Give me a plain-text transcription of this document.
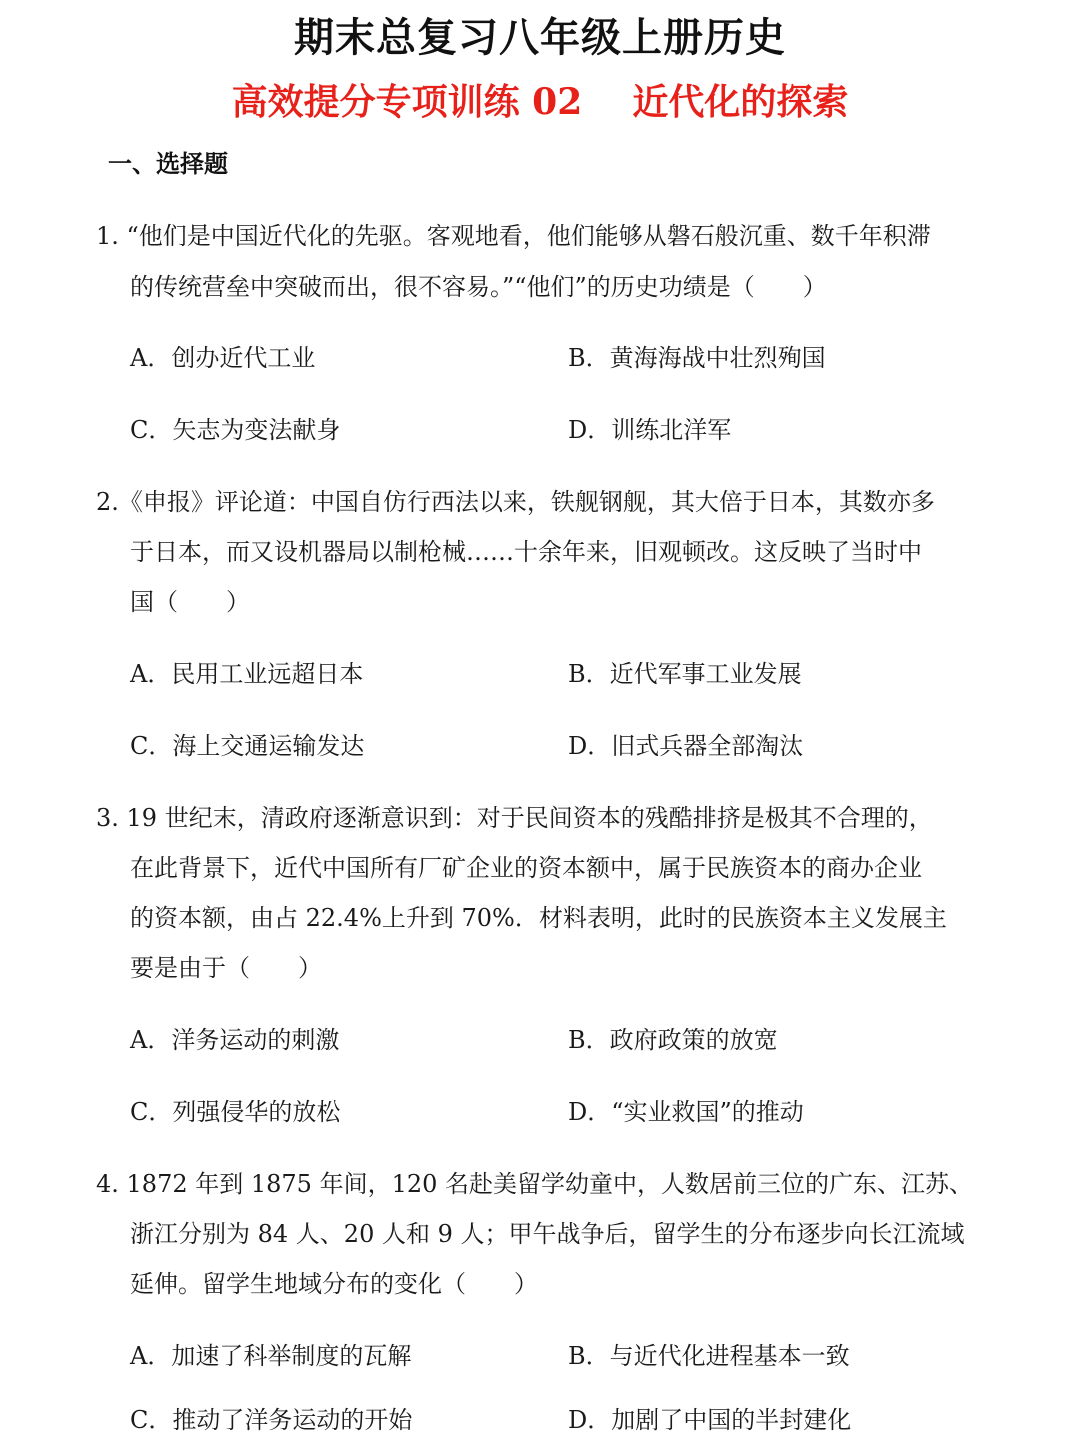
期末总复习八年级上册历史
高效提分专项训练 02    近代化的探索
一、选择题
1. “他们是中国近代化的先驱。客观地看，他们能够从磐石般沉重、数千年积滞
的传统营垒中突破而出，很不容易。”“他们”的历史功绩是（　　）
A．创办近代工业	B．黄海海战中壮烈殉国
C．矢志为变法献身	D．训练北洋军
2.《申报》评论道：中国自仿行西法以来，铁舰钢舰，其大倍于日本，其数亦多
于日本，而又设机器局以制枪械……十余年来，旧观顿改。这反映了当时中
国（　　）
A．民用工业远超日本	B．近代军事工业发展
C．海上交通运输发达	D．旧式兵器全部淘汰
3. 19 世纪末，清政府逐渐意识到：对于民间资本的残酷排挤是极其不合理的，
在此背景下，近代中国所有厂矿企业的资本额中，属于民族资本的商办企业
的资本额，由占 22.4%上升到 70%．材料表明，此时的民族资本主义发展主
要是由于（　　）
A．洋务运动的刺激	B．政府政策的放宽
C．列强侵华的放松	D．“实业救国”的推动
4. 1872 年到 1875 年间，120 名赴美留学幼童中，人数居前三位的广东、江苏、
浙江分别为 84 人、20 人和 9 人；甲午战争后，留学生的分布逐步向长江流域
延伸。留学生地域分布的变化（　　）
A．加速了科举制度的瓦解	B．与近代化进程基本一致
C．推动了洋务运动的开始	D．加剧了中国的半封建化
